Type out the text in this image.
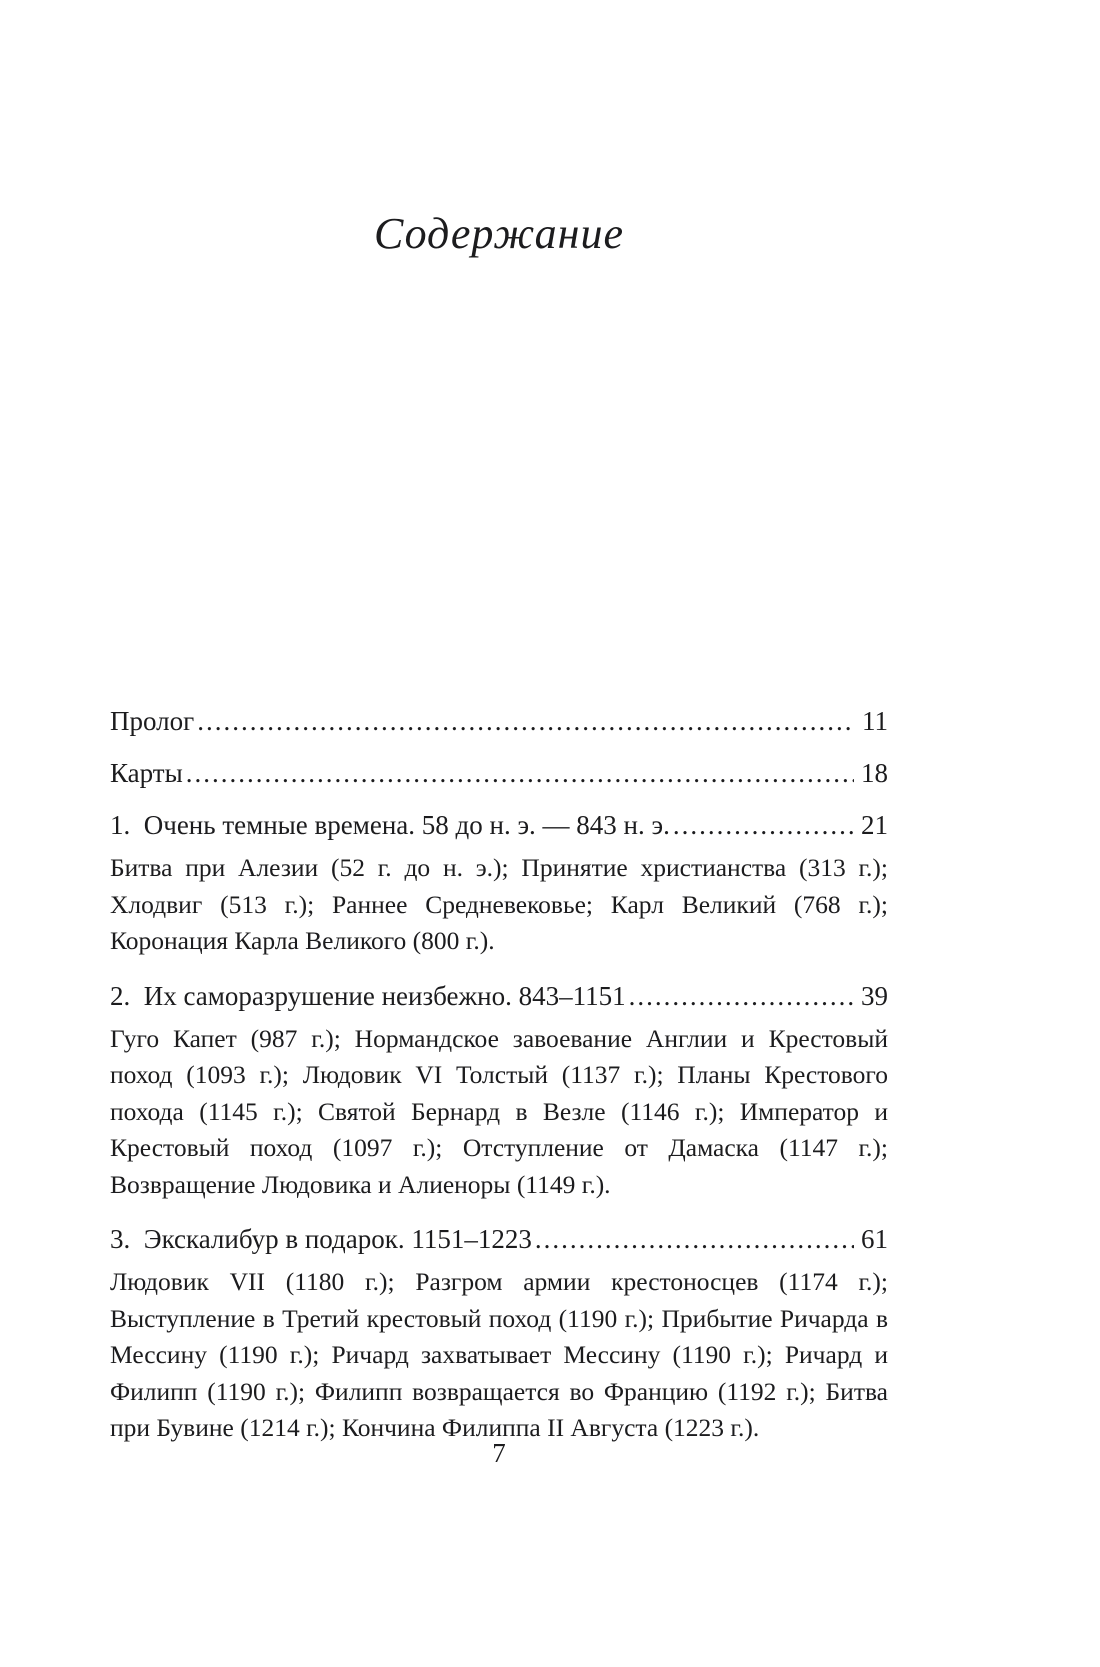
Содержание
Пролог .....	11
Карты .....	18
1.  Очень темные времена. 58 до н. э. — 843 н. э. .....	21

Битва при Алезии (52 г. до н. э.); Принятие христианства (313 г.); Хлодвиг (513 г.); Раннее Средневековье; Карл Великий (768 г.); Коронация Карла Великого (800 г.).

2.  Их саморазрушение неизбежно. 843–1151 .....	39

Гуго Капет (987 г.); Нормандское завоевание Англии и Крестовый поход (1093 г.); Людовик VI Толстый (1137 г.); Планы Крестового похода (1145 г.); Святой Бернард в Везле (1146 г.); Император и Крестовый поход (1097 г.); Отступление от Дамаска (1147 г.); Возвращение Людовика и Алиеноры (1149 г.).

3.  Экскалибур в подарок. 1151–1223 .....	61

Людовик VII (1180 г.); Разгром армии крестоносцев (1174 г.); Выступление в Третий крестовый поход (1190 г.); Прибытие Ричарда в Мессину (1190 г.); Ричард захватывает Мессину (1190 г.); Ричард и Филипп (1190 г.); Филипп возвращается во Францию (1192 г.); Битва при Бувине (1214 г.); Кончина Филиппа II Августа (1223 г.).

7
